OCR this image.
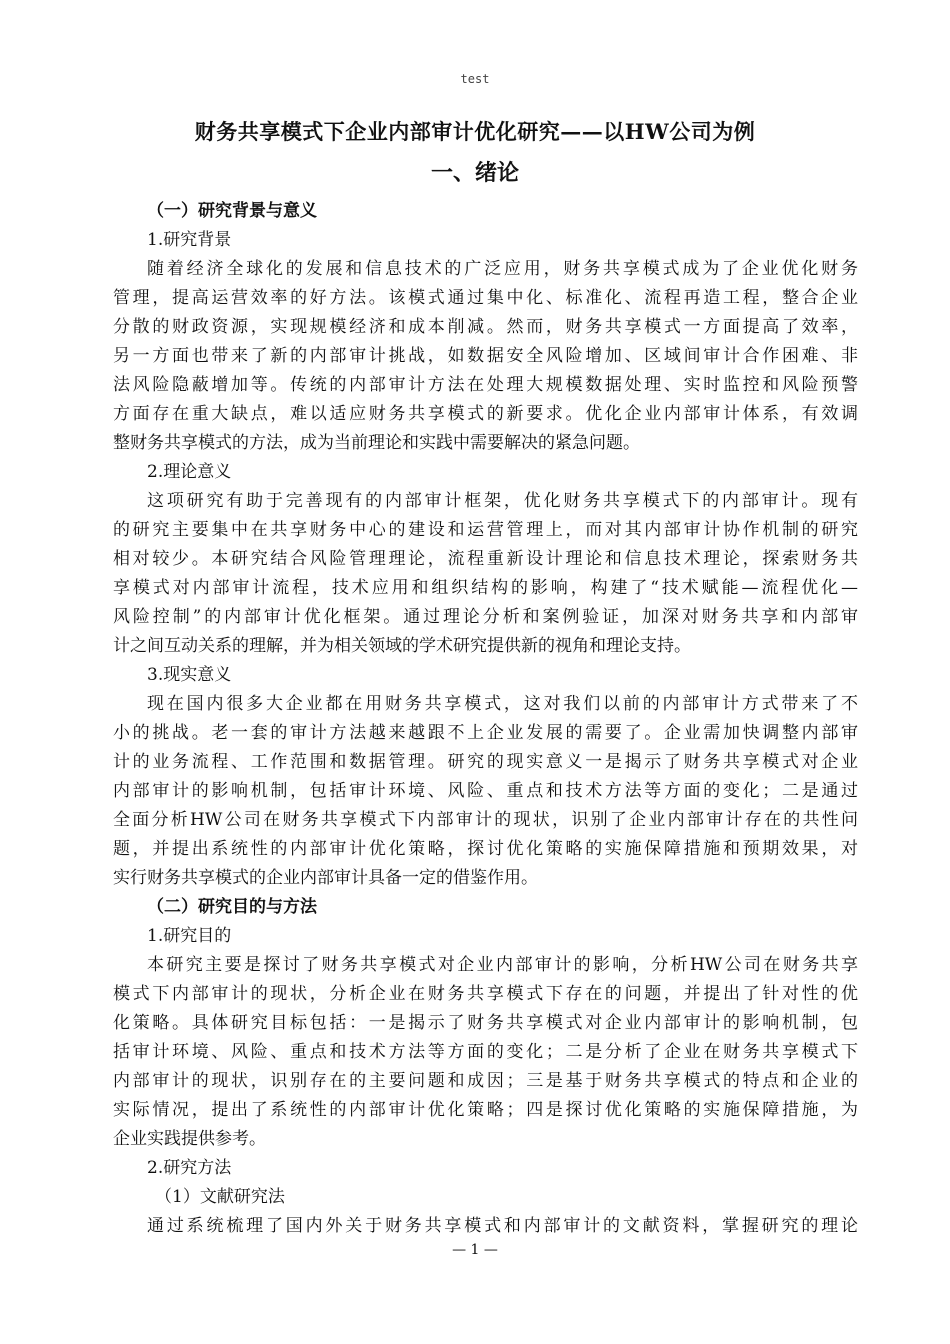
test
财务共享模式下企业内部审计优化研究——以HW公司为例
一、绪论
（一）研究背景与意义
1.研究背景
随着经济全球化的发展和信息技术的广泛应用，财务共享模式成为了企业优化财务
管理，提高运营效率的好方法。该模式通过集中化、标准化、流程再造工程，整合企业
分散的财政资源，实现规模经济和成本削减。然而，财务共享模式一方面提高了效率，
另一方面也带来了新的内部审计挑战，如数据安全风险增加、区域间审计合作困难、非
法风险隐蔽增加等。传统的内部审计方法在处理大规模数据处理、实时监控和风险预警
方面存在重大缺点，难以适应财务共享模式的新要求。优化企业内部审计体系，有效调
整财务共享模式的方法，成为当前理论和实践中需要解决的紧急问题。
2.理论意义
这项研究有助于完善现有的内部审计框架，优化财务共享模式下的内部审计。现有
的研究主要集中在共享财务中心的建设和运营管理上，而对其内部审计协作机制的研究
相对较少。本研究结合风险管理理论，流程重新设计理论和信息技术理论，探索财务共
享模式对内部审计流程，技术应用和组织结构的影响，构建了“技术赋能—流程优化—
风险控制”的内部审计优化框架。通过理论分析和案例验证，加深对财务共享和内部审
计之间互动关系的理解，并为相关领域的学术研究提供新的视角和理论支持。
3.现实意义
现在国内很多大企业都在用财务共享模式，这对我们以前的内部审计方式带来了不
小的挑战。老一套的审计方法越来越跟不上企业发展的需要了。企业需加快调整内部审
计的业务流程、工作范围和数据管理。研究的现实意义一是揭示了财务共享模式对企业
内部审计的影响机制，包括审计环境、风险、重点和技术方法等方面的变化；二是通过
全面分析HW公司在财务共享模式下内部审计的现状，识别了企业内部审计存在的共性问
题，并提出系统性的内部审计优化策略，探讨优化策略的实施保障措施和预期效果，对
实行财务共享模式的企业内部审计具备一定的借鉴作用。
（二）研究目的与方法
1.研究目的
本研究主要是探讨了财务共享模式对企业内部审计的影响，分析HW公司在财务共享
模式下内部审计的现状，分析企业在财务共享模式下存在的问题，并提出了针对性的优
化策略。具体研究目标包括：一是揭示了财务共享模式对企业内部审计的影响机制，包
括审计环境、风险、重点和技术方法等方面的变化；二是分析了企业在财务共享模式下
内部审计的现状，识别存在的主要问题和成因；三是基于财务共享模式的特点和企业的
实际情况，提出了系统性的内部审计优化策略；四是探讨优化策略的实施保障措施，为
企业实践提供参考。
2.研究方法
（1）文献研究法
通过系统梳理了国内外关于财务共享模式和内部审计的文献资料，掌握研究的理论
— 1 —
